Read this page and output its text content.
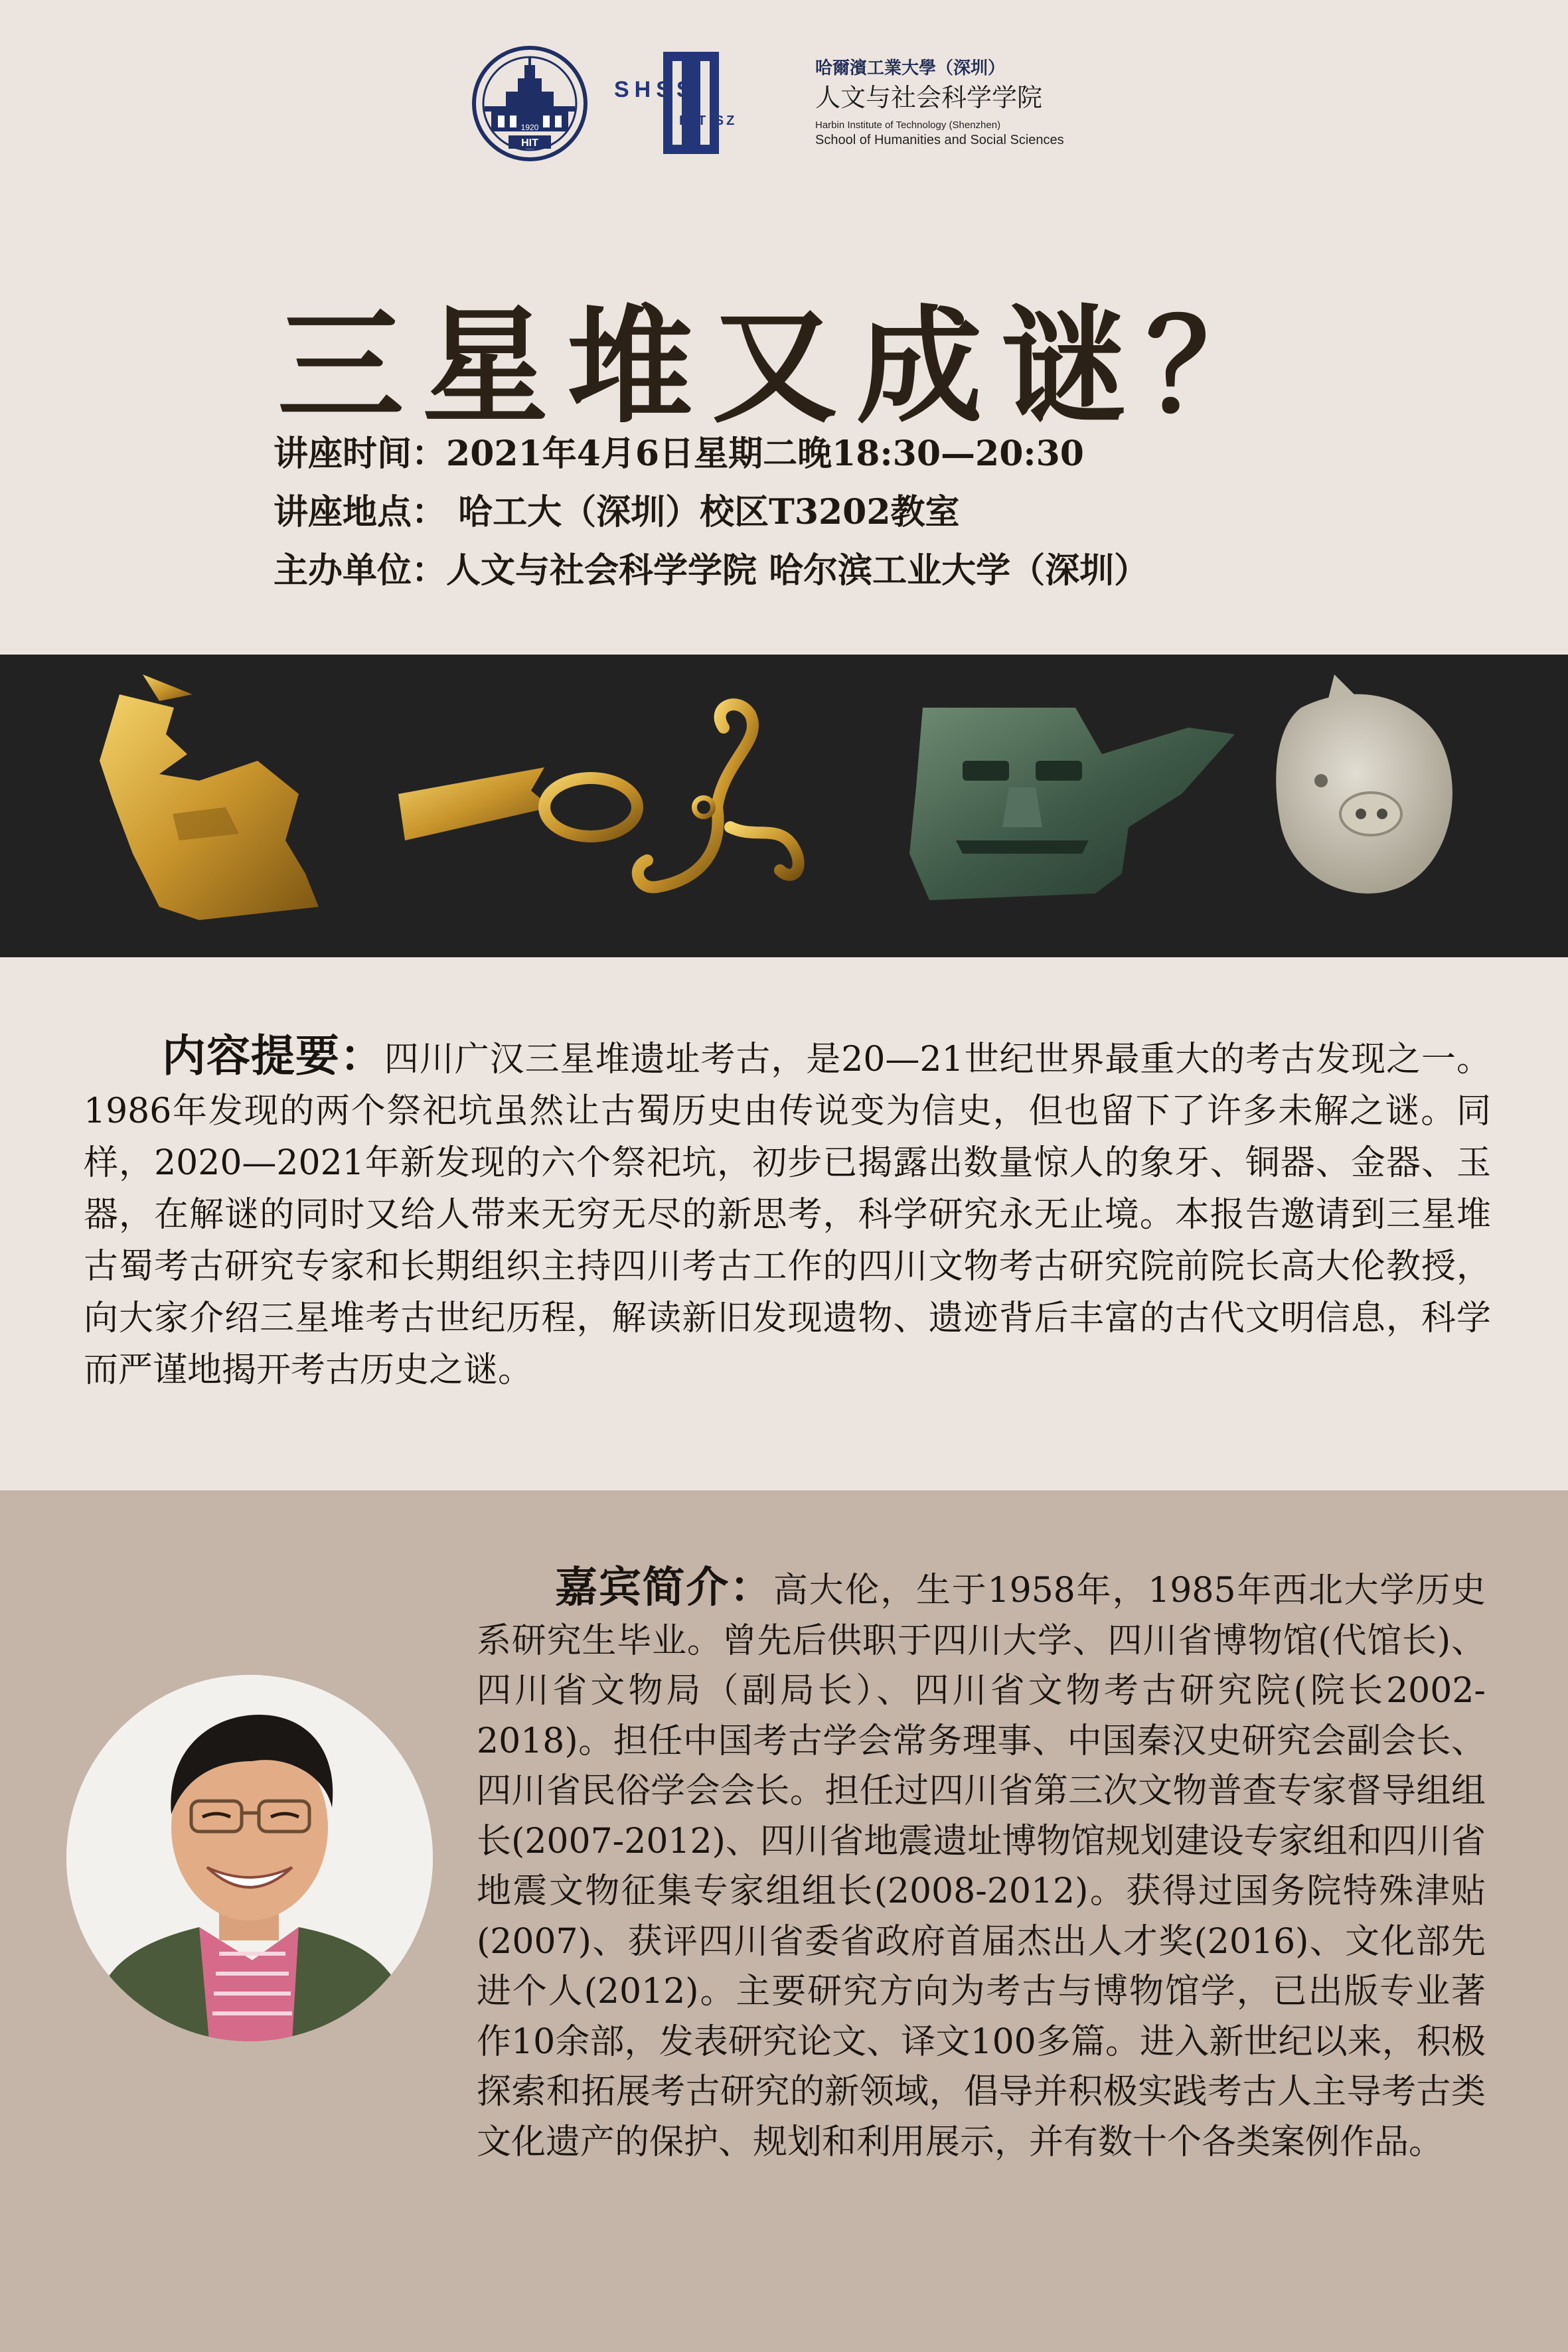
HIT
1920
SHSS
HIT SZ
哈爾濱工業大學（深圳）
人文与社会科学学院
Harbin Institute of Technology (Shenzhen)
School of Humanities and Social Sciences
三星堆又成谜？
讲座时间：2021年4月6日星期二晚18:30—20:30
讲座地点： 哈工大（深圳）校区T3202教室
主办单位：人文与社会科学学院 哈尔滨工业大学（深圳）
内容提要：四川广汉三星堆遗址考古，是20—21世纪世界最重大的考古发现之一。1986年发现的两个祭祀坑虽然让古蜀历史由传说变为信史，但也留下了许多未解之谜。同样，2020—2021年新发现的六个祭祀坑，初步已揭露出数量惊人的象牙、铜器、金器、玉器，在解谜的同时又给人带来无穷无尽的新思考，科学研究永无止境。本报告邀请到三星堆古蜀考古研究专家和长期组织主持四川考古工作的四川文物考古研究院前院长高大伦教授，向大家介绍三星堆考古世纪历程，解读新旧发现遗物、遗迹背后丰富的古代文明信息，科学而严谨地揭开考古历史之谜。
嘉宾简介：高大伦，生于1958年，1985年西北大学历史系研究生毕业。曾先后供职于四川大学、四川省博物馆(代馆长)、四川省文物局（副局长）、四川省文物考古研究院(院长2002-2018)。担任中国考古学会常务理事、中国秦汉史研究会副会长、四川省民俗学会会长。担任过四川省第三次文物普查专家督导组组长(2007-2012)、四川省地震遗址博物馆规划建设专家组和四川省地震文物征集专家组组长(2008-2012)。获得过国务院特殊津贴(2007)、获评四川省委省政府首届杰出人才奖(2016)、文化部先进个人(2012)。主要研究方向为考古与博物馆学，已出版专业著作10余部，发表研究论文、译文100多篇。进入新世纪以来，积极探索和拓展考古研究的新领域，倡导并积极实践考古人主导考古类文化遗产的保护、规划和利用展示，并有数十个各类案例作品。
